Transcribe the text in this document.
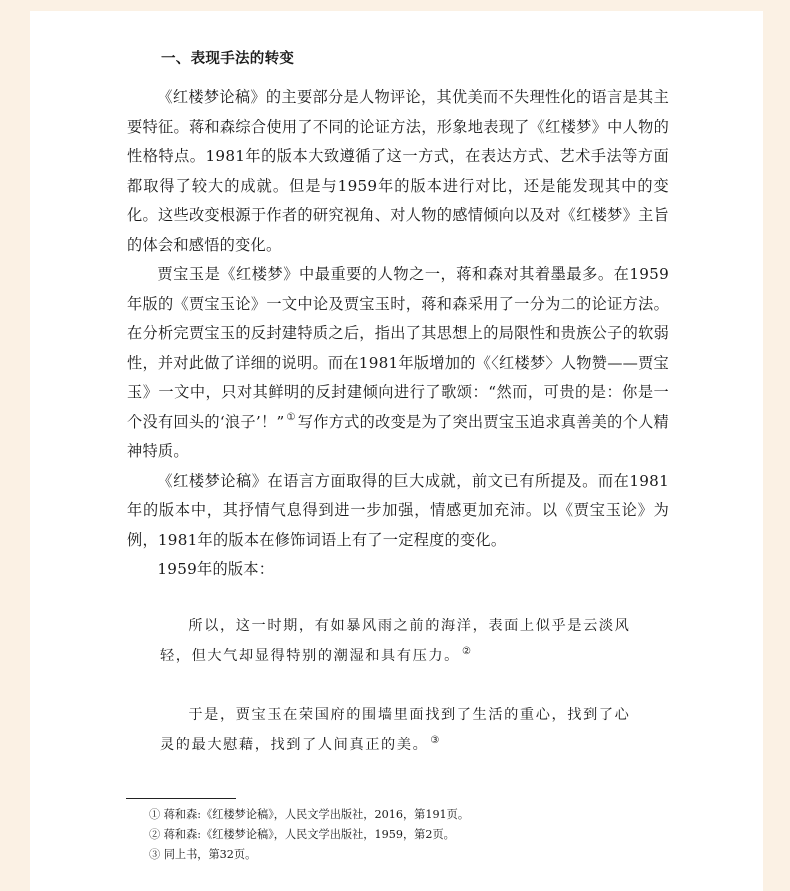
一、表现手法的转变

《红楼梦论稿》的主要部分是人物评论，其优美而不失理性化的语言是其主要特征。蒋和森综合使用了不同的论证方法，形象地表现了《红楼梦》中人物的性格特点。1981年的版本大致遵循了这一方式，在表达方式、艺术手法等方面都取得了较大的成就。但是与1959年的版本进行对比，还是能发现其中的变化。这些改变根源于作者的研究视角、对人物的感情倾向以及对《红楼梦》主旨的体会和感悟的变化。

贾宝玉是《红楼梦》中最重要的人物之一，蒋和森对其着墨最多。在1959年版的《贾宝玉论》一文中论及贾宝玉时，蒋和森采用了一分为二的论证方法。在分析完贾宝玉的反封建特质之后，指出了其思想上的局限性和贵族公子的软弱性，并对此做了详细的说明。而在1981年版增加的《〈红楼梦〉人物赞——贾宝玉》一文中，只对其鲜明的反封建倾向进行了歌颂：“然而，可贵的是：你是一个没有回头的‘浪子’！” ① 写作方式的改变是为了突出贾宝玉追求真善美的个人精神特质。

《红楼梦论稿》在语言方面取得的巨大成就，前文已有所提及。而在1981年的版本中，其抒情气息得到进一步加强，情感更加充沛。以《贾宝玉论》为例，1981年的版本在修饰词语上有了一定程度的变化。

1959年的版本：

所以，这一时期，有如暴风雨之前的海洋，表面上似乎是云淡风轻，但大气却显得特别的潮湿和具有压力。 ②

于是，贾宝玉在荣国府的围墙里面找到了生活的重心，找到了心灵的最大慰藉，找到了人间真正的美。 ③

① 蒋和森:《红楼梦论稿》，人民文学出版社，2016，第191页。
② 蒋和森:《红楼梦论稿》，人民文学出版社，1959，第2页。
③ 同上书，第32页。
